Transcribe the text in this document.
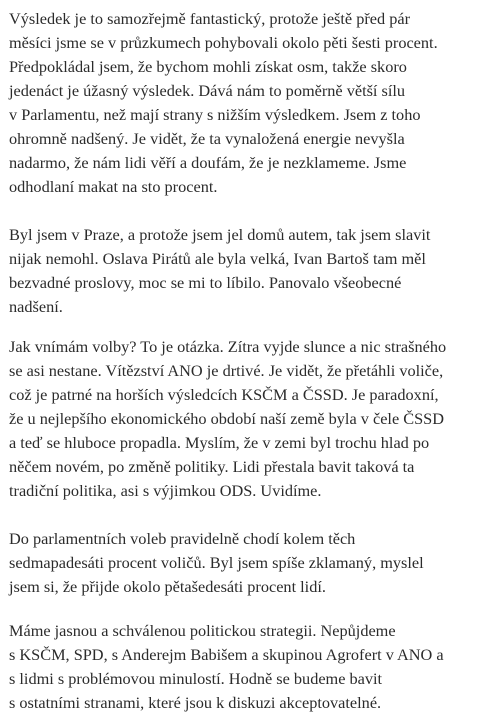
Výsledek je to samozřejmě fantastický, protože ještě před pár
měsíci jsme se v průzkumech pohybovali okolo pěti šesti procent.
Předpokládal jsem, že bychom mohli získat osm, takže skoro
jedenáct je úžasný výsledek. Dává nám to poměrně větší sílu
v Parlamentu, než mají strany s nižším výsledkem. Jsem z toho
ohromně nadšený. Je vidět, že ta vynaložená energie nevyšla
nadarmo, že nám lidi věří a doufám, že je nezklameme. Jsme
odhodlaní makat na sto procent.

Byl jsem v Praze, a protože jsem jel domů autem, tak jsem slavit
nijak nemohl. Oslava Pirátů ale byla velká, Ivan Bartoš tam měl
bezvadné proslovy, moc se mi to líbilo. Panovalo všeobecné
nadšení.

Jak vnímám volby? To je otázka. Zítra vyjde slunce a nic strašného
se asi nestane. Vítězství ANO je drtivé. Je vidět, že přetáhli voliče,
což je patrné na horších výsledcích KSČM a ČSSD. Je paradoxní,
že u nejlepšího ekonomického období naší země byla v čele ČSSD
a teď se hluboce propadla. Myslím, že v zemi byl trochu hlad po
něčem novém, po změně politiky. Lidi přestala bavit taková ta
tradiční politika, asi s výjimkou ODS. Uvidíme.

Do parlamentních voleb pravidelně chodí kolem těch
sedmapadesáti procent voličů. Byl jsem spíše zklamaný, myslel
jsem si, že přijde okolo pětašedesáti procent lidí.

Máme jasnou a schválenou politickou strategii. Nepůjdeme
s KSČM, SPD, s Anderejm Babišem a skupinou Agrofert v ANO a
s lidmi s problémovou minulostí. Hodně se budeme bavit
s ostatními stranami, které jsou k diskuzi akceptovatelné.
